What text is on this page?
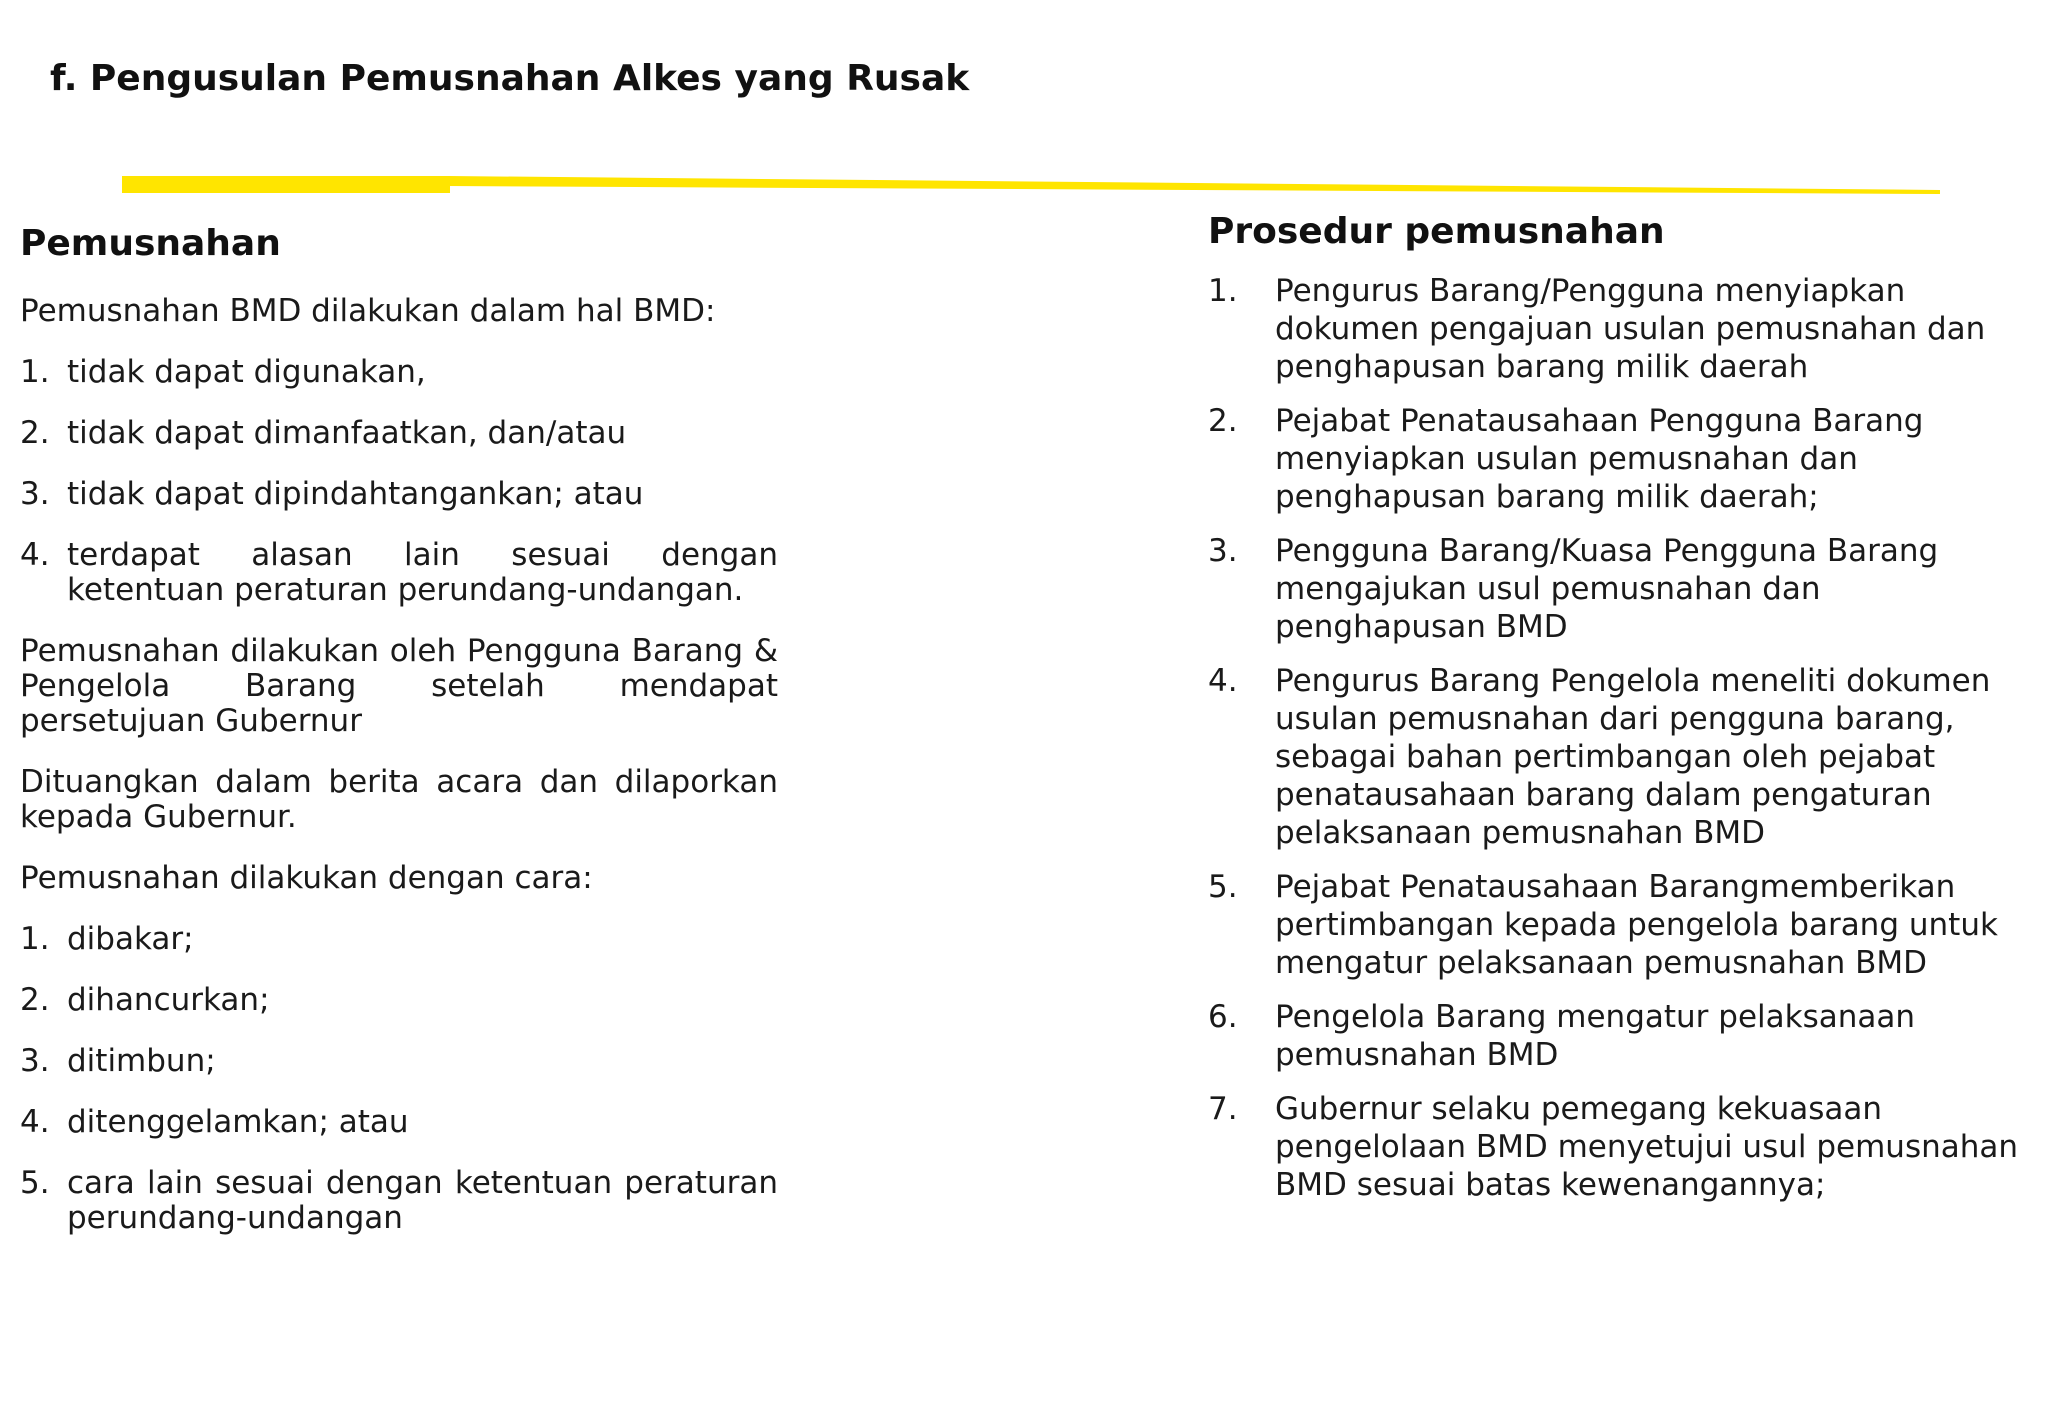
f. Pengusulan Pemusnahan Alkes yang Rusak
Pemusnahan

Pemusnahan BMD dilakukan dalam hal BMD:

1. tidak dapat digunakan,
2. tidak dapat dimanfaatkan, dan/atau
3. tidak dapat dipindahtangankan; atau
4. terdapat alasan lain sesuai dengan ketentuan peraturan perundang-undangan.

Pemusnahan dilakukan oleh Pengguna Barang & Pengelola Barang setelah mendapat persetujuan Gubernur

Dituangkan dalam berita acara dan dilaporkan kepada Gubernur.

Pemusnahan dilakukan dengan cara:

1. dibakar;
2. dihancurkan;
3. ditimbun;
4. ditenggelamkan; atau
5. cara lain sesuai dengan ketentuan peraturan perundang-undangan
Prosedur pemusnahan
1.	Pengurus Barang/Pengguna menyiapkan dokumen pengajuan usulan pemusnahan dan penghapusan barang milik daerah
2.	Pejabat Penatausahaan Pengguna Barang menyiapkan usulan pemusnahan dan penghapusan barang milik daerah;
3.	Pengguna Barang/Kuasa Pengguna Barang mengajukan usul pemusnahan dan penghapusan BMD
4.	Pengurus Barang Pengelola meneliti dokumen usulan pemusnahan dari pengguna barang, sebagai bahan pertimbangan oleh pejabat penatausahaan barang dalam pengaturan pelaksanaan pemusnahan BMD
5.	Pejabat Penatausahaan Barangmemberikan pertimbangan kepada pengelola barang untuk mengatur pelaksanaan pemusnahan BMD
6.	Pengelola Barang mengatur pelaksanaan pemusnahan BMD
7.	Gubernur selaku pemegang kekuasaan pengelolaan BMD menyetujui usul pemusnahan BMD sesuai batas kewenangannya;
